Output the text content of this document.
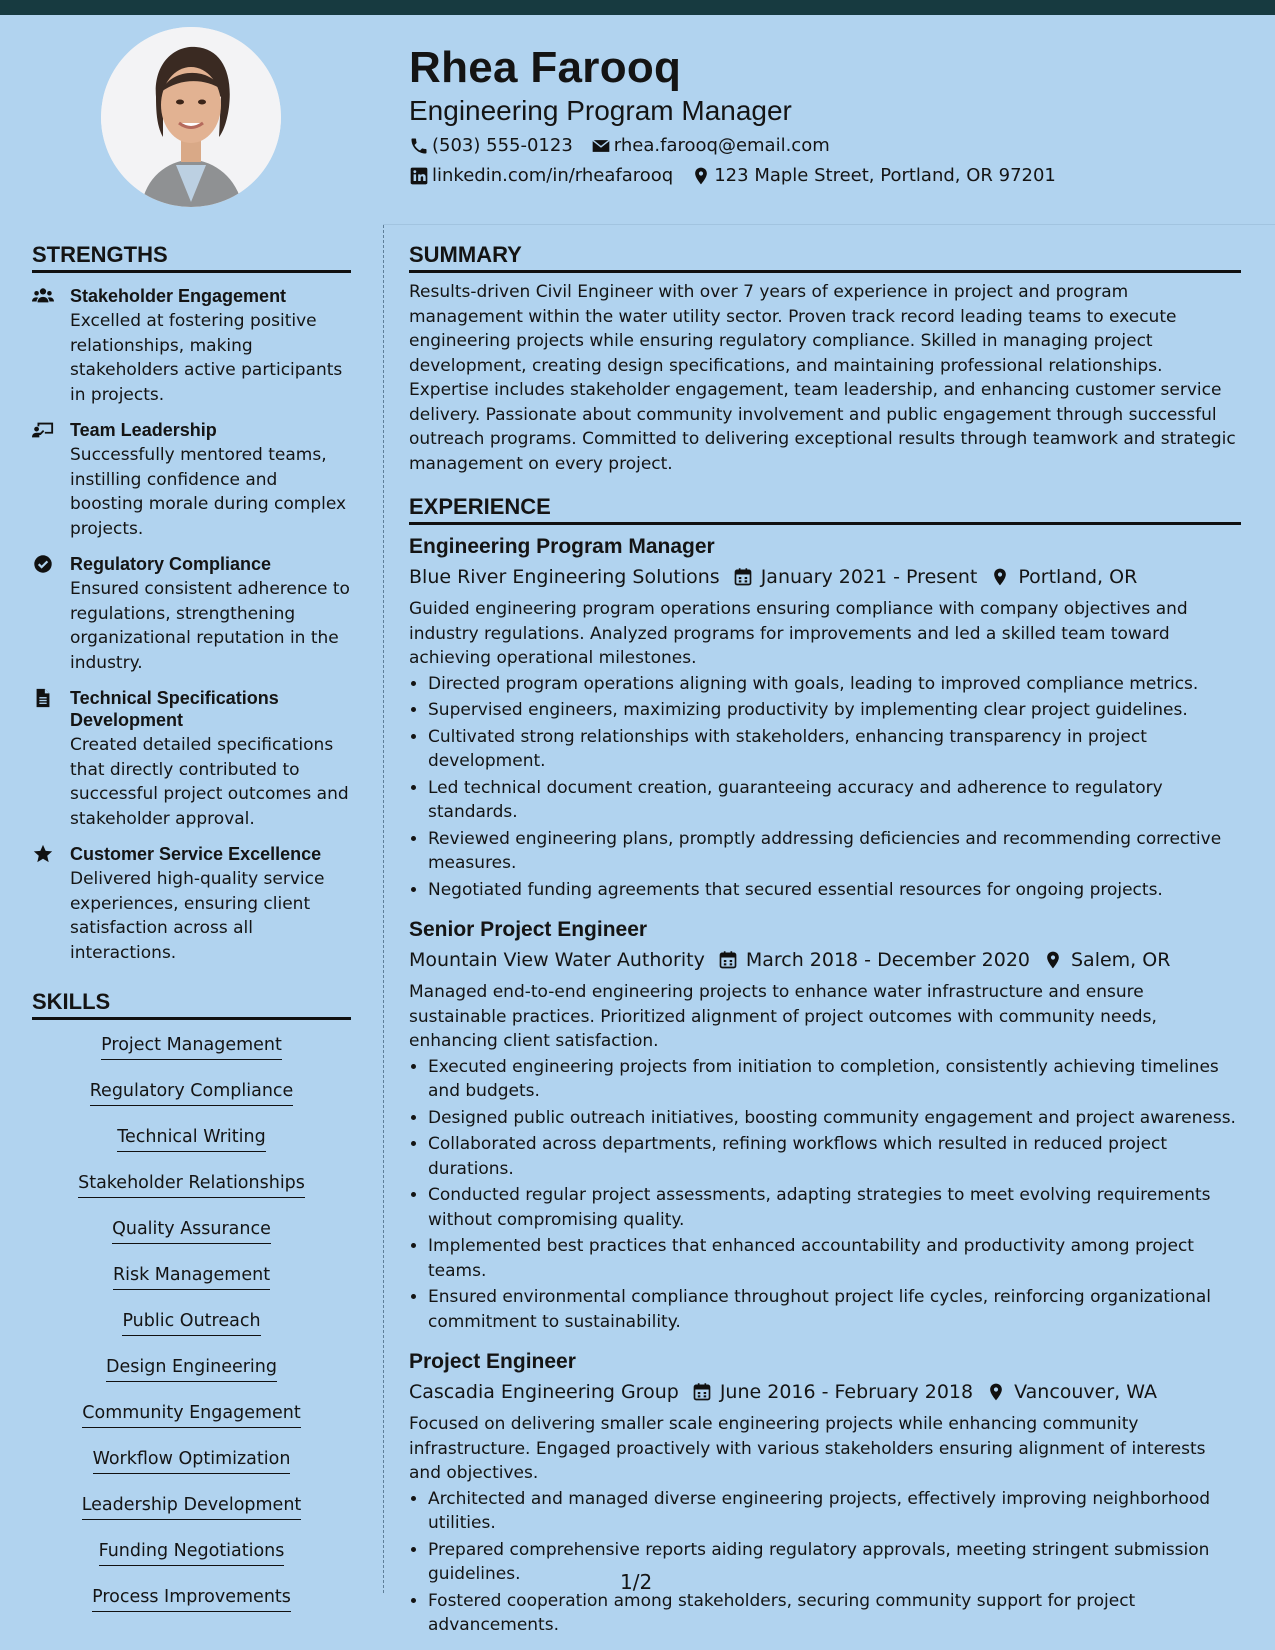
Rhea Farooq
Engineering Program Manager
(503) 555-0123 rhea.farooq@email.com
linkedin.com/in/rheafarooq 123 Maple Street, Portland, OR 97201
STRENGTHS
Stakeholder Engagement
Excelled at fostering positive relationships, making stakeholders active participants in projects.
Team Leadership
Successfully mentored teams, instilling confidence and boosting morale during complex projects.
Regulatory Compliance
Ensured consistent adherence to regulations, strengthening organizational reputation in the industry.
Technical Specifications Development
Created detailed specifications that directly contributed to successful project outcomes and stakeholder approval.
Customer Service Excellence
Delivered high-quality service experiences, ensuring client satisfaction across all interactions.
SKILLS
Project Management
Regulatory Compliance
Technical Writing
Stakeholder Relationships
Quality Assurance
Risk Management
Public Outreach
Design Engineering
Community Engagement
Workflow Optimization
Leadership Development
Funding Negotiations
Process Improvements
SUMMARY
Results-driven Civil Engineer with over 7 years of experience in project and program management within the water utility sector. Proven track record leading teams to execute engineering projects while ensuring regulatory compliance. Skilled in managing project development, creating design specifications, and maintaining professional relationships. Expertise includes stakeholder engagement, team leadership, and enhancing customer service delivery. Passionate about community involvement and public engagement through successful outreach programs. Committed to delivering exceptional results through teamwork and strategic management on every project.
EXPERIENCE
Engineering Program Manager
Blue River Engineering Solutions January 2021 - Present Portland, OR
Guided engineering program operations ensuring compliance with company objectives and industry regulations. Analyzed programs for improvements and led a skilled team toward achieving operational milestones.
• Directed program operations aligning with goals, leading to improved compliance metrics.
• Supervised engineers, maximizing productivity by implementing clear project guidelines.
• Cultivated strong relationships with stakeholders, enhancing transparency in project development.
• Led technical document creation, guaranteeing accuracy and adherence to regulatory standards.
• Reviewed engineering plans, promptly addressing deficiencies and recommending corrective measures.
• Negotiated funding agreements that secured essential resources for ongoing projects.
Senior Project Engineer
Mountain View Water Authority March 2018 - December 2020 Salem, OR
Managed end-to-end engineering projects to enhance water infrastructure and ensure sustainable practices. Prioritized alignment of project outcomes with community needs, enhancing client satisfaction.
• Executed engineering projects from initiation to completion, consistently achieving timelines and budgets.
• Designed public outreach initiatives, boosting community engagement and project awareness.
• Collaborated across departments, refining workflows which resulted in reduced project durations.
• Conducted regular project assessments, adapting strategies to meet evolving requirements without compromising quality.
• Implemented best practices that enhanced accountability and productivity among project teams.
• Ensured environmental compliance throughout project life cycles, reinforcing organizational commitment to sustainability.
Project Engineer
Cascadia Engineering Group June 2016 - February 2018 Vancouver, WA
Focused on delivering smaller scale engineering projects while enhancing community infrastructure. Engaged proactively with various stakeholders ensuring alignment of interests and objectives.
• Architected and managed diverse engineering projects, effectively improving neighborhood utilities.
• Prepared comprehensive reports aiding regulatory approvals, meeting stringent submission guidelines.
• Fostered cooperation among stakeholders, securing community support for project advancements.
1/2
